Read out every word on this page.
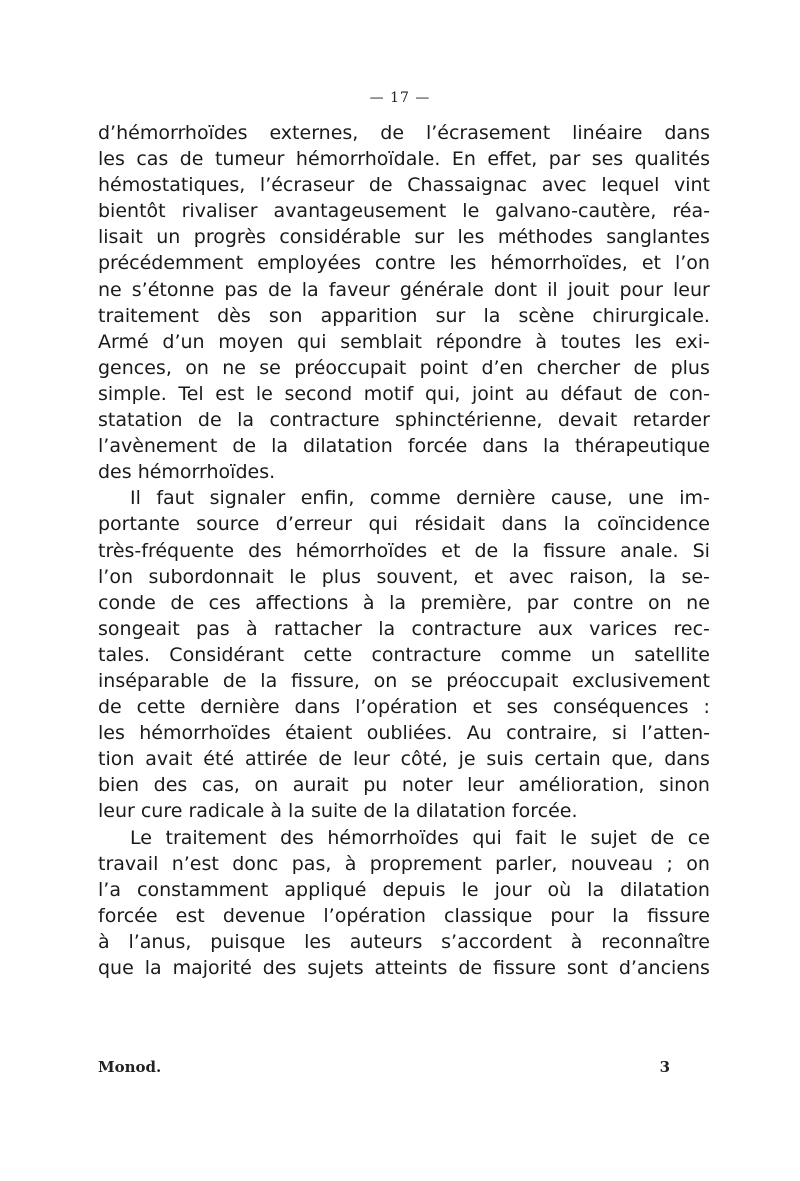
— 17 —
d’hémorrhoïdes externes, de l’écrasement linéaire dans
les cas de tumeur hémorrhoïdale. En effet, par ses qualités
hémostatiques, l’écraseur de Chassaignac avec lequel vint
bientôt rivaliser avantageusement le galvano-cautère, réa-
lisait un progrès considérable sur les méthodes sanglantes
précédemment employées contre les hémorrhoïdes, et l’on
ne s’étonne pas de la faveur générale dont il jouit pour leur
traitement dès son apparition sur la scène chirurgicale.
Armé d’un moyen qui semblait répondre à toutes les exi-
gences, on ne se préoccupait point d’en chercher de plus
simple. Tel est le second motif qui, joint au défaut de con-
statation de la contracture sphinctérienne, devait retarder
l’avènement de la dilatation forcée dans la thérapeutique
des hémorrhoïdes.
Il faut signaler enfin, comme dernière cause, une im-
portante source d’erreur qui résidait dans la coïncidence
très-fréquente des hémorrhoïdes et de la fissure anale. Si
l’on subordonnait le plus souvent, et avec raison, la se-
conde de ces affections à la première, par contre on ne
songeait pas à rattacher la contracture aux varices rec-
tales. Considérant cette contracture comme un satellite
inséparable de la fissure, on se préoccupait exclusivement
de cette dernière dans l’opération et ses conséquences :
les hémorrhoïdes étaient oubliées. Au contraire, si l’atten-
tion avait été attirée de leur côté, je suis certain que, dans
bien des cas, on aurait pu noter leur amélioration, sinon
leur cure radicale à la suite de la dilatation forcée.
Le traitement des hémorrhoïdes qui fait le sujet de ce
travail n’est donc pas, à proprement parler, nouveau ; on
l’a constamment appliqué depuis le jour où la dilatation
forcée est devenue l’opération classique pour la fissure
à l’anus, puisque les auteurs s’accordent à reconnaître
que la majorité des sujets atteints de fissure sont d’anciens
Monod.	3
